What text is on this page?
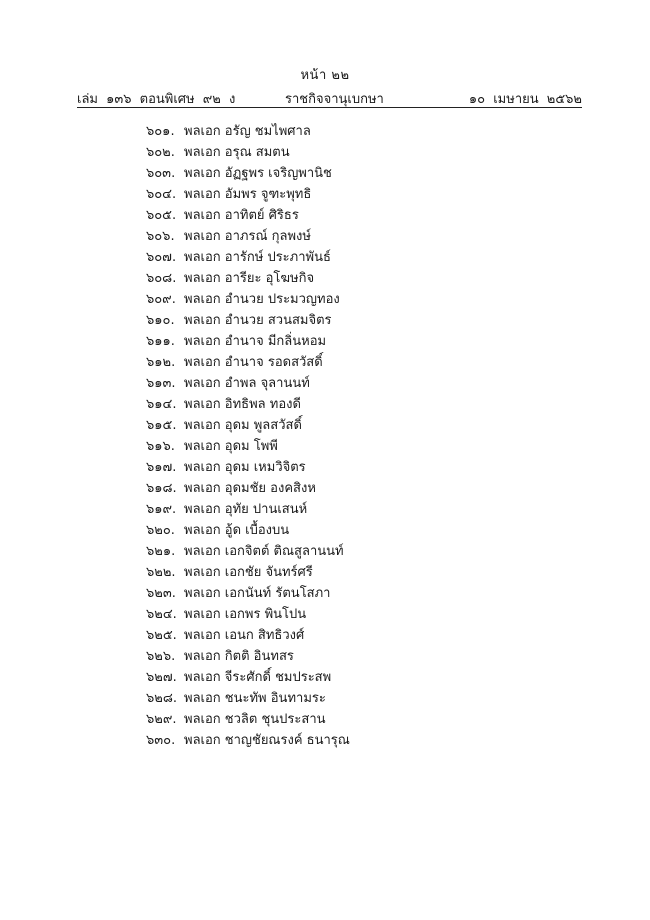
หน้า ๒๒
เล่ม ๑๓๖ ตอนพิเศษ ๙๒ ง	ราชกิจจานุเบกษา	๑๐ เมษายน ๒๕๖๒
๖๐๑. พลเอก อรัญ ชมไพศาล
๖๐๒. พลเอก อรุณ สมตน
๖๐๓. พลเอก อัฏฐพร เจริญพานิช
๖๐๔. พลเอก อัมพร จูฑะพุทธิ
๖๐๕. พลเอก อาทิตย์ ศิริธร
๖๐๖. พลเอก อาภรณ์ กุลพงษ์
๖๐๗. พลเอก อารักษ์ ประภาพันธ์
๖๐๘. พลเอก อารียะ อุโฆษกิจ
๖๐๙. พลเอก อำนวย ประมวญทอง
๖๑๐. พลเอก อำนวย สวนสมจิตร
๖๑๑. พลเอก อำนาจ มีกลิ่นหอม
๖๑๒. พลเอก อำนาจ รอดสวัสดิ์
๖๑๓. พลเอก อำพล จุลานนท์
๖๑๔. พลเอก อิทธิพล ทองดี
๖๑๕. พลเอก อุดม พูลสวัสดิ์
๖๑๖. พลเอก อุดม โพพี
๖๑๗. พลเอก อุดม เหมวิจิตร
๖๑๘. พลเอก อุดมชัย องคสิงห
๖๑๙. พลเอก อุทัย ปานเสนห์
๖๒๐. พลเอก อู้ด เบื้องบน
๖๒๑. พลเอก เอกจิตต์ ติณสูลานนท์
๖๒๒. พลเอก เอกชัย จันทร์ศรี
๖๒๓. พลเอก เอกนันท์ รัตนโสภา
๖๒๔. พลเอก เอกพร พินโปน
๖๒๕. พลเอก เอนก สิทธิวงศ์
๖๒๖. พลเอก กิตติ อินทสร
๖๒๗. พลเอก จีระศักดิ์ ชมประสพ
๖๒๘. พลเอก ชนะทัพ อินทามระ
๖๒๙. พลเอก ชวลิต ชุนประสาน
๖๓๐. พลเอก ชาญชัยณรงค์ ธนารุณ
